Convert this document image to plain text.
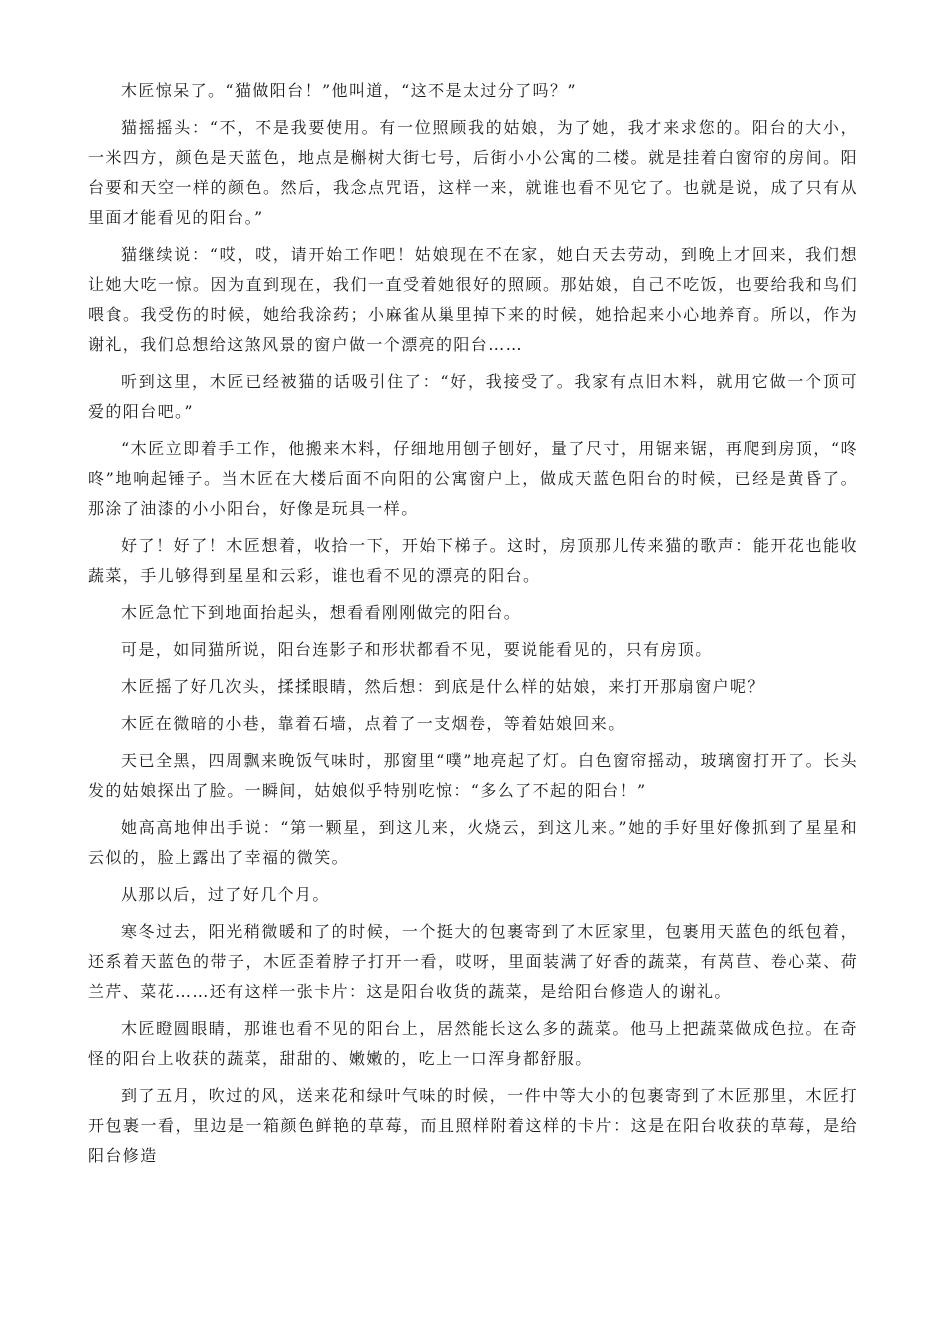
木匠惊呆了。“猫做阳台！”他叫道，“这不是太过分了吗？”

猫摇摇头：“不，不是我要使用。有一位照顾我的姑娘，为了她，我才来求您的。阳台的大小，一米四方，颜色是天蓝色，地点是槲树大街七号，后街小小公寓的二楼。就是挂着白窗帘的房间。阳台要和天空一样的颜色。然后，我念点咒语，这样一来，就谁也看不见它了。也就是说，成了只有从里面才能看见的阳台。”

猫继续说：“哎，哎，请开始工作吧！姑娘现在不在家，她白天去劳动，到晚上才回来，我们想让她大吃一惊。因为直到现在，我们一直受着她很好的照顾。那姑娘，自己不吃饭，也要给我和鸟们喂食。我受伤的时候，她给我涂药；小麻雀从巢里掉下来的时候，她拾起来小心地养育。所以，作为谢礼，我们总想给这煞风景的窗户做一个漂亮的阳台……

听到这里，木匠已经被猫的话吸引住了：“好，我接受了。我家有点旧木料，就用它做一个顶可爱的阳台吧。”

“木匠立即着手工作，他搬来木料，仔细地用刨子刨好，量了尺寸，用锯来锯，再爬到房顶，“咚咚”地响起锤子。当木匠在大楼后面不向阳的公寓窗户上，做成天蓝色阳台的时候，已经是黄昏了。那涂了油漆的小小阳台，好像是玩具一样。

好了！好了！木匠想着，收拾一下，开始下梯子。这时，房顶那儿传来猫的歌声：能开花也能收蔬菜，手儿够得到星星和云彩，谁也看不见的漂亮的阳台。

木匠急忙下到地面抬起头，想看看刚刚做完的阳台。

可是，如同猫所说，阳台连影子和形状都看不见，要说能看见的，只有房顶。

木匠摇了好几次头，揉揉眼睛，然后想：到底是什么样的姑娘，来打开那扇窗户呢？

木匠在微暗的小巷，靠着石墙，点着了一支烟卷，等着姑娘回来。

天已全黑，四周飘来晚饭气味时，那窗里“噗”地亮起了灯。白色窗帘摇动，玻璃窗打开了。长头发的姑娘探出了脸。一瞬间，姑娘似乎特别吃惊：“多么了不起的阳台！”

她高高地伸出手说：“第一颗星，到这儿来，火烧云，到这儿来。”她的手好里好像抓到了星星和云似的，脸上露出了幸福的微笑。

从那以后，过了好几个月。

寒冬过去，阳光稍微暖和了的时候，一个挺大的包裹寄到了木匠家里，包裹用天蓝色的纸包着，还系着天蓝色的带子，木匠歪着脖子打开一看，哎呀，里面装满了好香的蔬菜，有莴苣、卷心菜、荷兰芹、菜花……还有这样一张卡片：这是阳台收货的蔬菜，是给阳台修造人的谢礼。

木匠瞪圆眼睛，那谁也看不见的阳台上，居然能长这么多的蔬菜。他马上把蔬菜做成色拉。在奇怪的阳台上收获的蔬菜，甜甜的、嫩嫩的，吃上一口浑身都舒服。

到了五月，吹过的风，送来花和绿叶气味的时候，一件中等大小的包裹寄到了木匠那里，木匠打开包裹一看，里边是一箱颜色鲜艳的草莓，而且照样附着这样的卡片：这是在阳台收获的草莓，是给阳台修造
